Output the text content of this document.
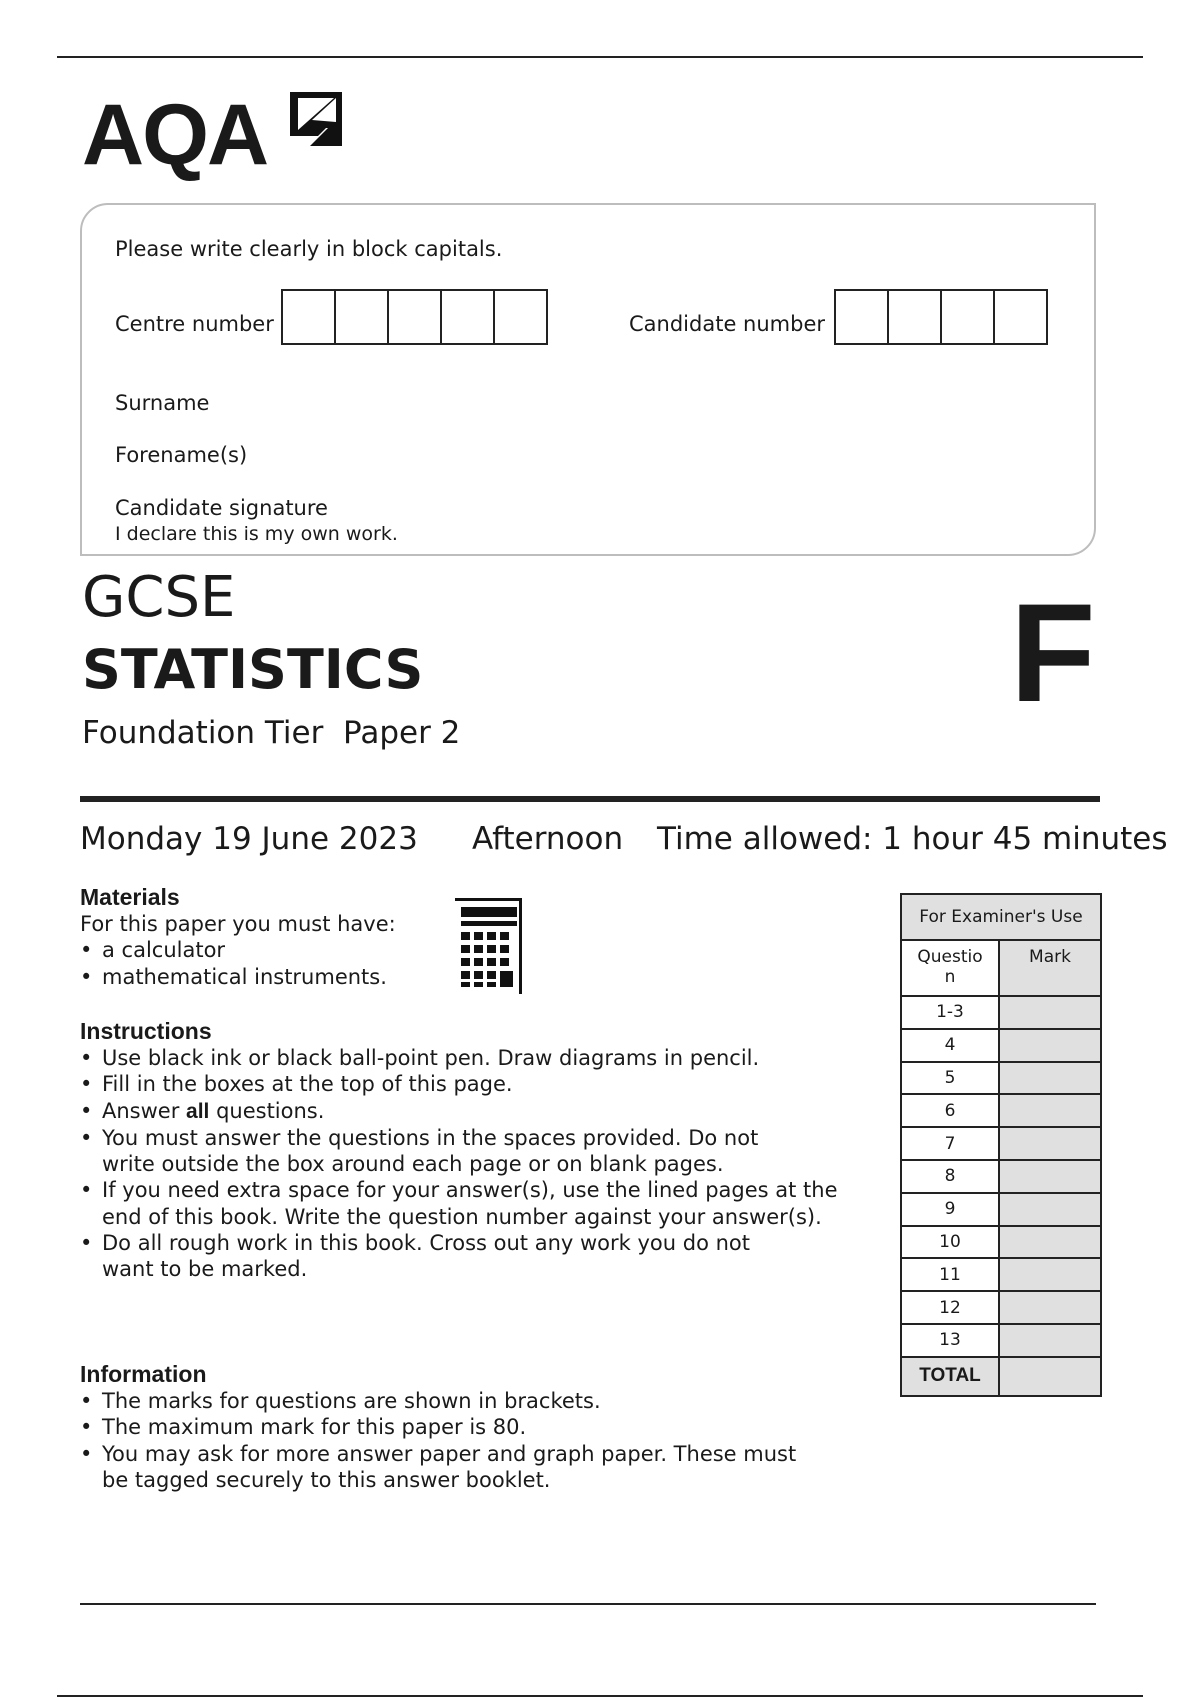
AQA
Please write clearly in block capitals.
Centre number	Candidate number
Surname
Forename(s)
Candidate signature
I declare this is my own work.
GCSE
STATISTICS
Foundation Tier  Paper 2
F
Monday 19 June 2023 Afternoon Time allowed: 1 hour 45 minutes
Materials
For this paper you must have:
• a calculator
• mathematical instruments.
Instructions
• Use black ink or black ball-point pen. Draw diagrams in pencil.
• Fill in the boxes at the top of this page.
• Answer all questions.
• You must answer the questions in the spaces provided. Do not write outside the box around each page or on blank pages.
• If you need extra space for your answer(s), use the lined pages at the end of this book. Write the question number against your answer(s).
• Do all rough work in this book. Cross out any work you do not want to be marked.
Information
• The marks for questions are shown in brackets.
• The maximum mark for this paper is 80.
• You may ask for more answer paper and graph paper. These must be tagged securely to this answer booklet.
For Examiner's Use	
Questio
n	Mark
1-3	
4	
5	
6	
7	
8	
9	
10	
11	
12	
13	
TOTAL	
